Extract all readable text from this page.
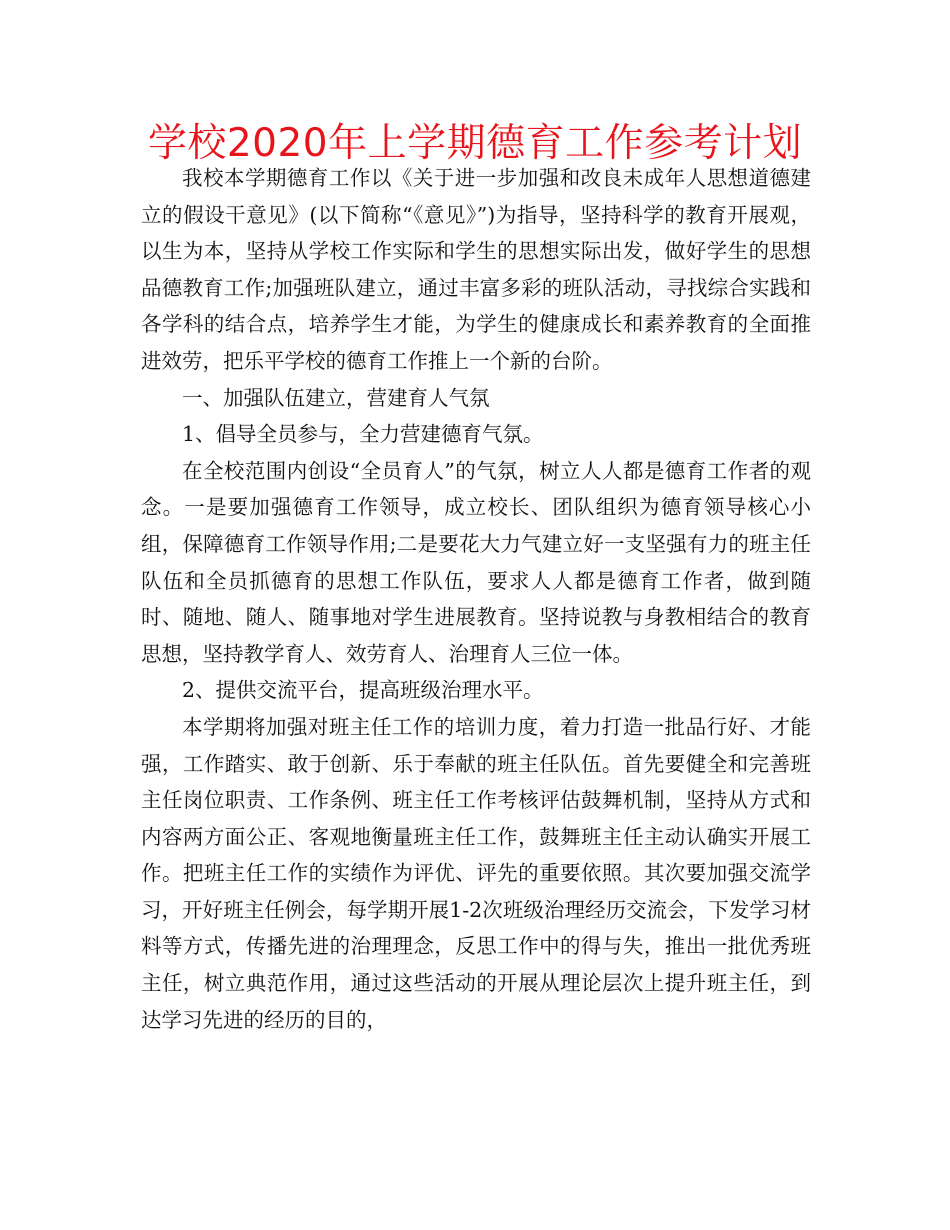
学校2020年上学期德育工作参考计划

我校本学期德育工作以《关于进一步加强和改良未成年人思想道德建立的假设干意见》(以下简称“《意见》”)为指导，坚持科学的教育开展观，以生为本，坚持从学校工作实际和学生的思想实际出发，做好学生的思想品德教育工作;加强班队建立，通过丰富多彩的班队活动，寻找综合实践和各学科的结合点，培养学生才能，为学生的健康成长和素养教育的全面推进效劳，把乐平学校的德育工作推上一个新的台阶。

一、加强队伍建立，营建育人气氛

1、倡导全员参与，全力营建德育气氛。

在全校范围内创设“全员育人”的气氛，树立人人都是德育工作者的观念。一是要加强德育工作领导，成立校长、团队组织为德育领导核心小组，保障德育工作领导作用;二是要花大力气建立好一支坚强有力的班主任队伍和全员抓德育的思想工作队伍，要求人人都是德育工作者，做到随时、随地、随人、随事地对学生进展教育。坚持说教与身教相结合的教育思想，坚持教学育人、效劳育人、治理育人三位一体。

2、提供交流平台，提高班级治理水平。

本学期将加强对班主任工作的培训力度，着力打造一批品行好、才能强，工作踏实、敢于创新、乐于奉献的班主任队伍。首先要健全和完善班主任岗位职责、工作条例、班主任工作考核评估鼓舞机制，坚持从方式和内容两方面公正、客观地衡量班主任工作，鼓舞班主任主动认确实开展工作。把班主任工作的实绩作为评优、评先的重要依照。其次要加强交流学习，开好班主任例会，每学期开展1-2次班级治理经历交流会，下发学习材料等方式，传播先进的治理理念，反思工作中的得与失，推出一批优秀班主任，树立典范作用，通过这些活动的开展从理论层次上提升班主任，到达学习先进的经历的目的，
